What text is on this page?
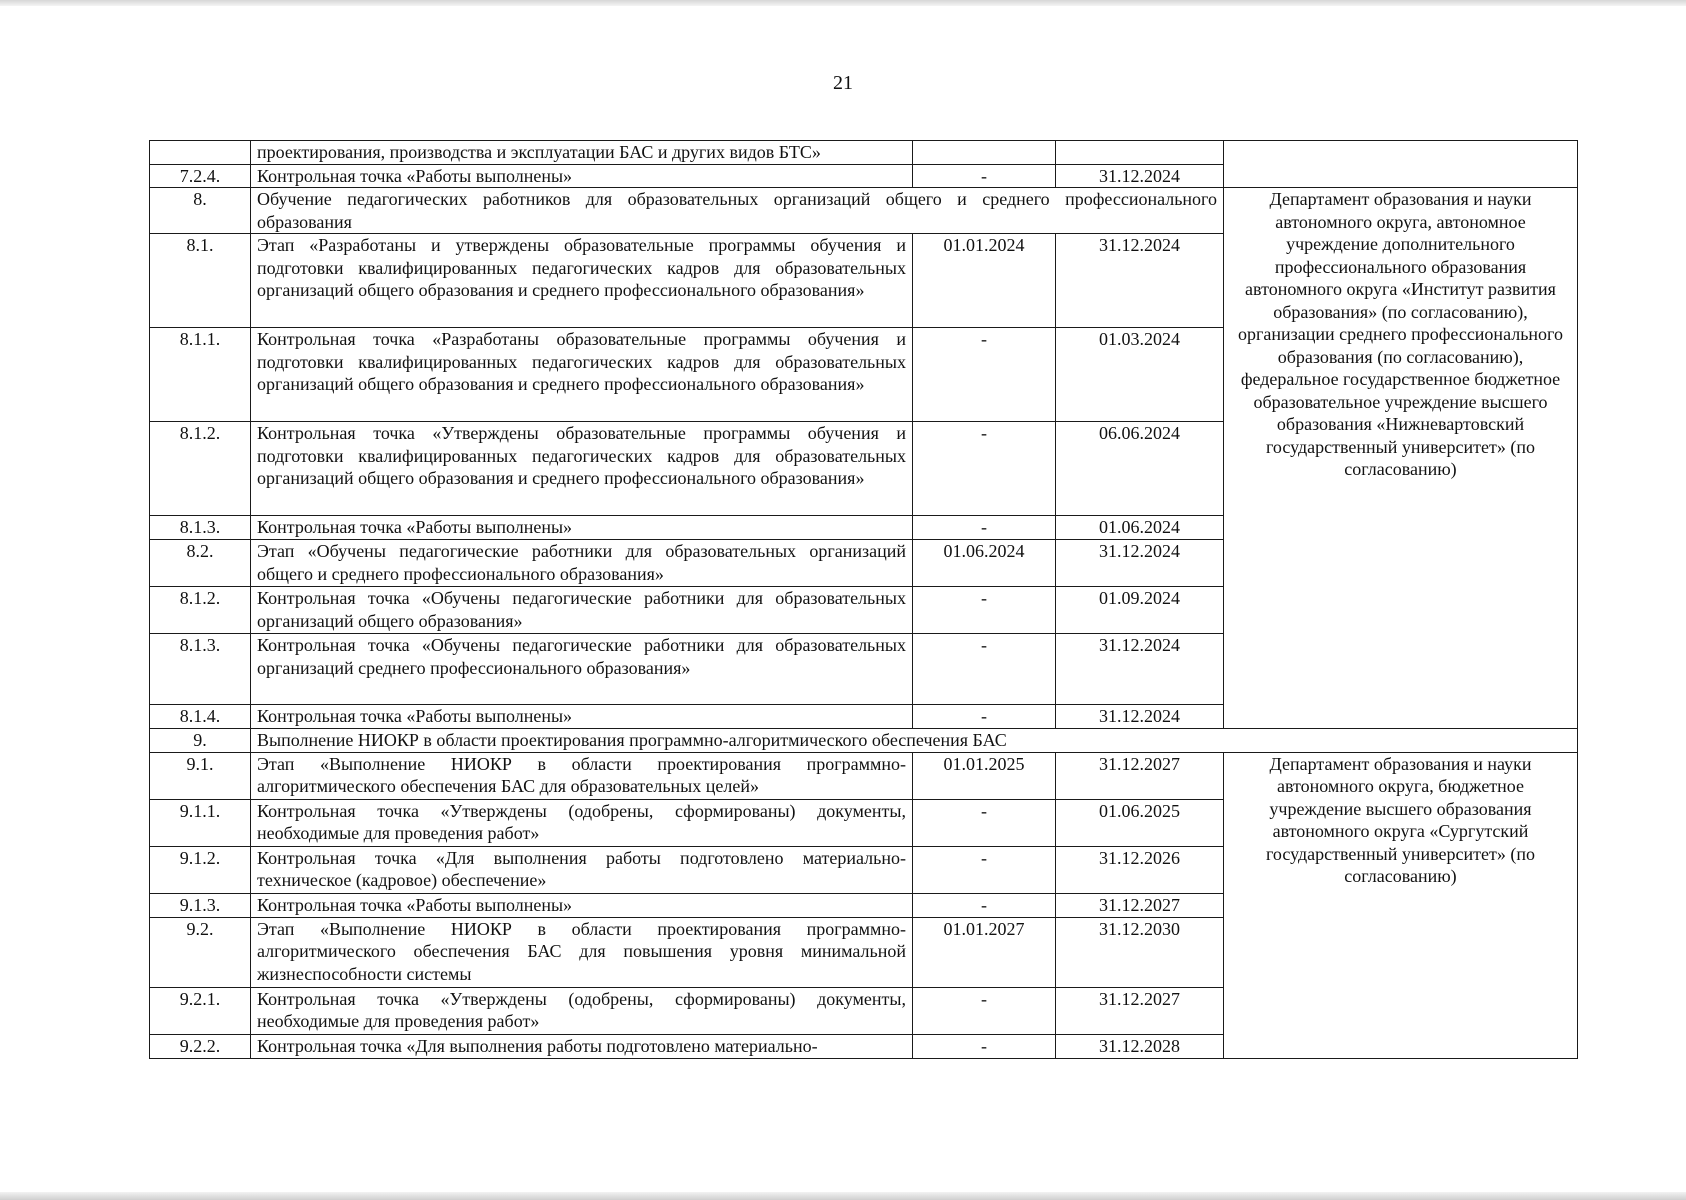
21
	проектирования, производства и эксплуатации БАС и других видов БТС»			
7.2.4.	Контрольная точка «Работы выполнены»	-	31.12.2024	
8.	Обучение педагогических работников для образовательных организаций общего и среднего профессионального образования			Департамент образования и науки автономного округа, автономное учреждение дополнительного профессионального образования автономного округа «Институт развития образования» (по согласованию), организации среднего профессионального образования (по согласованию), федеральное государственное бюджетное образовательное учреждение высшего образования «Нижневартовский государственный университет» (по согласованию)
8.1.	Этап «Разработаны и утверждены образовательные программы обучения и подготовки квалифицированных педагогических кадров для образовательных организаций общего образования и среднего профессионального образования»	01.01.2024	31.12.2024	
8.1.1.	Контрольная точка «Разработаны образовательные программы обучения и подготовки квалифицированных педагогических кадров для образовательных организаций общего образования и среднего профессионального образования»	-	01.03.2024	
8.1.2.	Контрольная точка «Утверждены образовательные программы обучения и подготовки квалифицированных педагогических кадров для образовательных организаций общего образования и среднего профессионального образования»	-	06.06.2024	
8.1.3.	Контрольная точка «Работы выполнены»	-	01.06.2024	
8.2.	Этап «Обучены педагогические работники для образовательных организаций общего и среднего профессионального образования»	01.06.2024	31.12.2024	
8.1.2.	Контрольная точка «Обучены педагогические работники для образовательных организаций общего образования»	-	01.09.2024	
8.1.3.	Контрольная точка «Обучены педагогические работники для образовательных организаций среднего профессионального образования»	-	31.12.2024	
8.1.4.	Контрольная точка «Работы выполнены»	-	31.12.2024	
9.	Выполнение НИОКР в области проектирования программно-алгоритмического обеспечения БАС			
9.1.	Этап «Выполнение НИОКР в области проектирования программно-алгоритмического обеспечения БАС для образовательных целей»	01.01.2025	31.12.2027	Департамент образования и науки автономного округа, бюджетное учреждение высшего образования автономного округа «Сургутский государственный университет» (по согласованию)
9.1.1.	Контрольная точка «Утверждены (одобрены, сформированы) документы, необходимые для проведения работ»	-	01.06.2025	
9.1.2.	Контрольная точка «Для выполнения работы подготовлено материально-техническое (кадровое) обеспечение»	-	31.12.2026	
9.1.3.	Контрольная точка «Работы выполнены»	-	31.12.2027	
9.2.	Этап «Выполнение НИОКР в области проектирования программно-алгоритмического обеспечения БАС для повышения уровня минимальной жизнеспособности системы	01.01.2027	31.12.2030	
9.2.1.	Контрольная точка «Утверждены (одобрены, сформированы) документы, необходимые для проведения работ»	-	31.12.2027	
9.2.2.	Контрольная точка «Для выполнения работы подготовлено материально-	-	31.12.2028	
